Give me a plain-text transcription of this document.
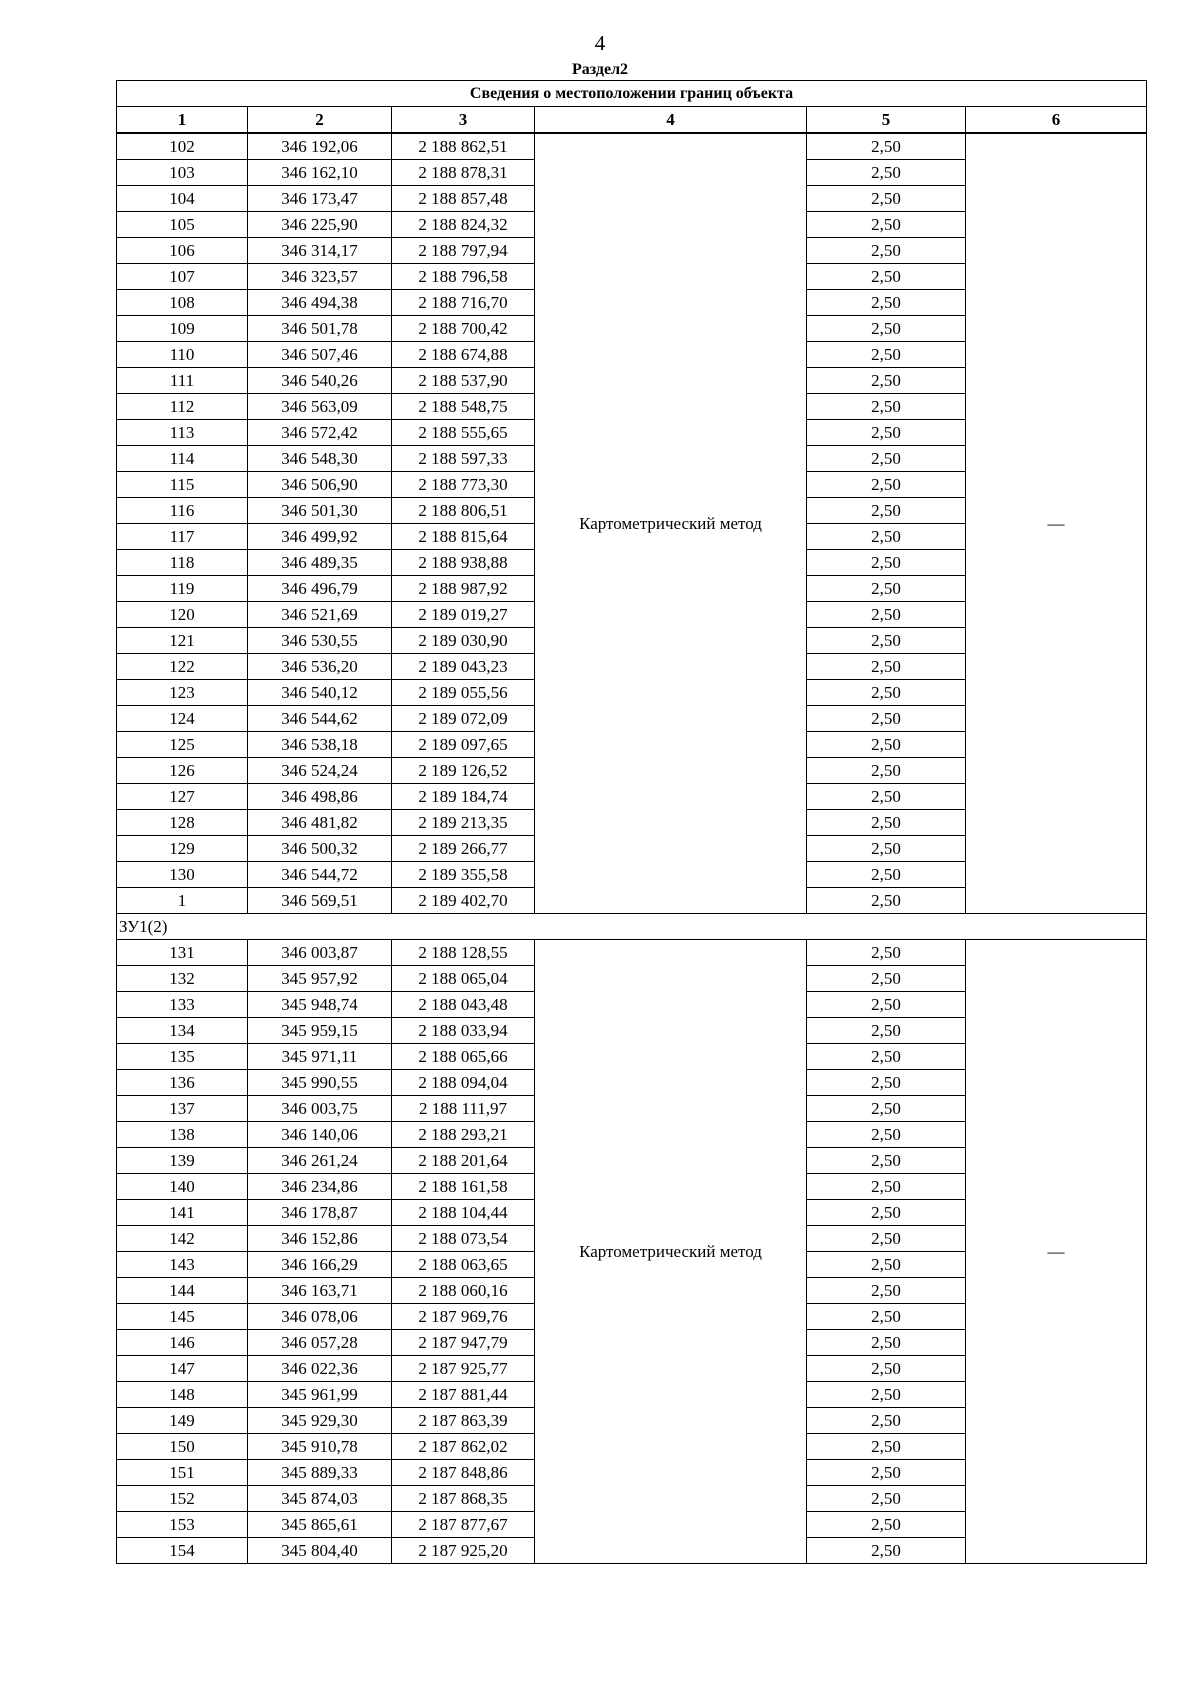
4
Раздел2
Сведения о местоположении границ объекта					
1	2	3	4	5	6
102	346 192,06	2 188 862,51	Картометрический метод	2,50	—
103	346 162,10	2 188 878,31		2,50	
104	346 173,47	2 188 857,48		2,50	
105	346 225,90	2 188 824,32		2,50	
106	346 314,17	2 188 797,94		2,50	
107	346 323,57	2 188 796,58		2,50	
108	346 494,38	2 188 716,70		2,50	
109	346 501,78	2 188 700,42		2,50	
110	346 507,46	2 188 674,88		2,50	
111	346 540,26	2 188 537,90		2,50	
112	346 563,09	2 188 548,75		2,50	
113	346 572,42	2 188 555,65		2,50	
114	346 548,30	2 188 597,33		2,50	
115	346 506,90	2 188 773,30		2,50	
116	346 501,30	2 188 806,51		2,50	
117	346 499,92	2 188 815,64		2,50	
118	346 489,35	2 188 938,88		2,50	
119	346 496,79	2 188 987,92		2,50	
120	346 521,69	2 189 019,27		2,50	
121	346 530,55	2 189 030,90		2,50	
122	346 536,20	2 189 043,23		2,50	
123	346 540,12	2 189 055,56		2,50	
124	346 544,62	2 189 072,09		2,50	
125	346 538,18	2 189 097,65		2,50	
126	346 524,24	2 189 126,52		2,50	
127	346 498,86	2 189 184,74		2,50	
128	346 481,82	2 189 213,35		2,50	
129	346 500,32	2 189 266,77		2,50	
130	346 544,72	2 189 355,58		2,50	
1	346 569,51	2 189 402,70		2,50	
ЗУ1(2)					
131	346 003,87	2 188 128,55	Картометрический метод	2,50	—
132	345 957,92	2 188 065,04		2,50	
133	345 948,74	2 188 043,48		2,50	
134	345 959,15	2 188 033,94		2,50	
135	345 971,11	2 188 065,66		2,50	
136	345 990,55	2 188 094,04		2,50	
137	346 003,75	2 188 111,97		2,50	
138	346 140,06	2 188 293,21		2,50	
139	346 261,24	2 188 201,64		2,50	
140	346 234,86	2 188 161,58		2,50	
141	346 178,87	2 188 104,44		2,50	
142	346 152,86	2 188 073,54		2,50	
143	346 166,29	2 188 063,65		2,50	
144	346 163,71	2 188 060,16		2,50	
145	346 078,06	2 187 969,76		2,50	
146	346 057,28	2 187 947,79		2,50	
147	346 022,36	2 187 925,77		2,50	
148	345 961,99	2 187 881,44		2,50	
149	345 929,30	2 187 863,39		2,50	
150	345 910,78	2 187 862,02		2,50	
151	345 889,33	2 187 848,86		2,50	
152	345 874,03	2 187 868,35		2,50	
153	345 865,61	2 187 877,67		2,50	
154	345 804,40	2 187 925,20		2,50	
